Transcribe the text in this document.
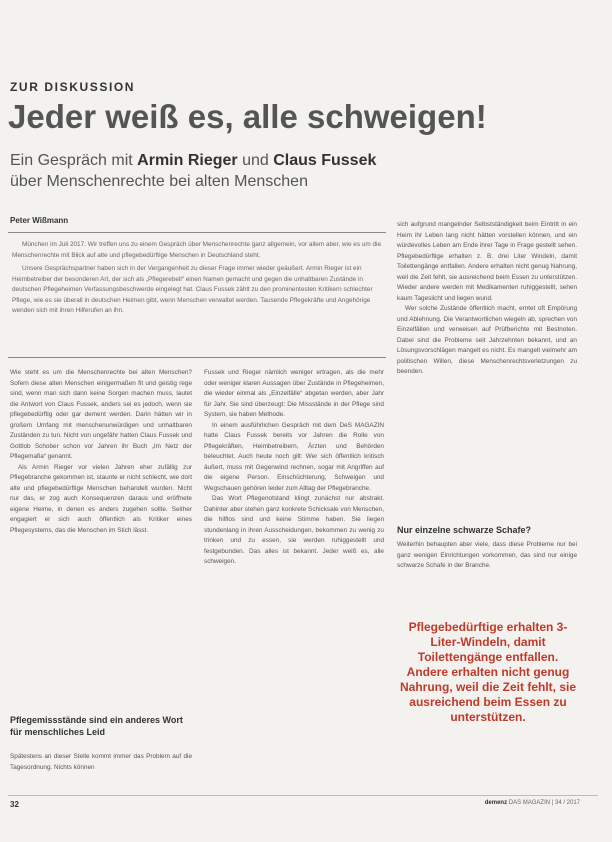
ZUR DISKUSSION
Jeder weiß es, alle schweigen!
Ein Gespräch mit Armin Rieger und Claus Fussek
über Menschenrechte bei alten Menschen
Peter Wißmann

München im Juli 2017. Wir treffen uns zu einem Gespräch über Menschenrechte ganz allgemein, vor allem aber, wie es um die Menschenrechte mit Blick auf alte und pflegebedürftige Menschen in Deutschland steht.

Unsere Gesprächspartner haben sich in der Vergangenheit zu dieser Frage immer wieder geäußert. Armin Rieger ist ein Heimbetreiber der besonderen Art, der sich als „Pflegerebell“ einen Namen gemacht und gegen die unhaltbaren Zustände in deutschen Pflegeheimen Verfassungsbeschwerde eingelegt hat. Claus Fussek zählt zu den prominentesten Kritikern schlechter Pflege, wie es sie überall in deutschen Heimen gibt, wenn Menschen verwaltet werden. Tausende Pflegekräfte und Angehörige wenden sich mit ihren Hilferufen an ihn.

Wie steht es um die Menschenrechte bei alten Menschen? Sofern diese alten Menschen einigermaßen fit und geistig rege sind, wenn man sich dann keine Sorgen machen muss, lautet die Antwort von Claus Fussek, anders sei es jedoch, wenn sie pflegebedürftig oder gar dement werden. Darin hätten wir in großem Umfang mit menschenunwürdigen und unhaltbaren Zuständen zu tun. Nicht von ungefähr hatten Claus Fussek und Gottlob Schober schon vor Jahren ihr Buch „Im Netz der Pflegemafia“ genannt.

Als Armin Rieger vor vielen Jahren eher zufällig zur Pflegebranche gekommen ist, staunte er nicht schlecht, wie dort alte und pflegebedürftige Menschen behandelt wurden. Nicht nur das, er zog auch Konsequenzen daraus und eröffnete eigene Heime, in denen es anders zugehen sollte. Seither engagiert er sich auch öffentlich als Kritiker eines Pflegesystems, das die Menschen im Stich lässt.

Pflegemissstände sind ein anderes Wort für menschliches Leid

Spätestens an dieser Stelle kommt immer das Problem auf die Tagesordnung. Nichts können

Fussek und Rieger nämlich weniger ertragen, als die mehr oder weniger klaren Aussagen über Zustände in Pflegeheimen, die wieder einmal als „Einzelfälle“ abgetan werden, aber Jahr für Jahr. Sie sind überzeugt: Die Missstände in der Pflege sind System, sie haben Methode.

In einem ausführlichen Gespräch mit dem DeS MAGAZIN hatte Claus Fussek bereits vor Jahren die Rolle von Pflegekräften, Heimbetreibern, Ärzten und Behörden beleuchtet. Auch heute noch gilt: Wer sich öffentlich kritisch äußert, muss mit Gegenwind rechnen, sogar mit Angriffen auf die eigene Person. Einschüchterung, Schweigen und Wegschauen gehören leider zum Alltag der Pflegebranche.

Das Wort Pflegenotstand klingt zunächst nur abstrakt. Dahinter aber stehen ganz konkrete Schicksale von Menschen, die hilflos sind und keine Stimme haben. Sie liegen stundenlang in ihren Ausscheidungen, bekommen zu wenig zu trinken und zu essen, sie werden ruhiggestellt und festgebunden. Das alles ist bekannt. Jeder weiß es, alle schweigen.

sich aufgrund mangelnder Selbstständigkeit beim Eintritt in ein Heim ihr Leben lang nicht hätten vorstellen können, und ein würdevolles Leben am Ende ihrer Tage in Frage gestellt sehen. Pflegebedürftige erhalten z. B. drei Liter Windeln, damit Toilettengänge entfallen. Andere erhalten nicht genug Nahrung, weil die Zeit fehlt, sie ausreichend beim Essen zu unterstützen. Wieder andere werden mit Medikamenten ruhiggestellt, sehen kaum Tageslicht und liegen wund.

Wer solche Zustände öffentlich macht, erntet oft Empörung und Ablehnung. Die Verantwortlichen wiegeln ab, sprechen von Einzelfällen und verweisen auf Prüfberichte mit Bestnoten. Dabei sind die Probleme seit Jahrzehnten bekannt, und an Lösungsvorschlägen mangelt es nicht. Es mangelt vielmehr am politischen Willen, diese Menschenrechtsverletzungen zu beenden.

Nur einzelne schwarze Schafe?

Weiterhin behaupten aber viele, dass diese Probleme nur bei ganz wenigen Einrichtungen vorkommen, das sind nur einige schwarze Schafe in der Branche.

Pflegebedürftige erhalten 3-Liter-Windeln, damit Toilettengänge entfallen. Andere erhalten nicht genug Nahrung, weil die Zeit fehlt, sie ausreichend beim Essen zu unterstützen.
32	demenz DAS MAGAZIN | 34 / 2017
